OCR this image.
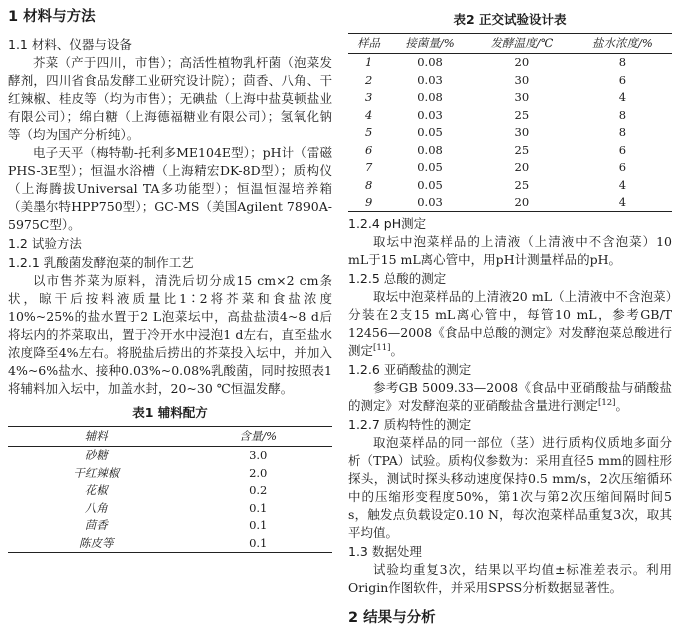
1 材料与方法
1.1 材料、仪器与设备

芥菜（产于四川，市售）；高活性植物乳杆菌（泡菜发酵剂，四川省食品发酵工业研究设计院）；茴香、八角、干红辣椒、桂皮等（均为市售）；无碘盐（上海中盐莫顿盐业有限公司）；绵白糖（上海德福糖业有限公司）；氢氧化钠等（均为国产分析纯）。

电子天平（梅特勒-托利多ME104E型）；pH计（雷磁PHS-3E型）；恒温水浴槽（上海精宏DK-8D型）；质构仪（上海腾拔Universal TA多功能型）；恒温恒湿培养箱（美墨尔特HPP750型）；GC-MS（美国Agilent 7890A-5975C型）。

1.2 试验方法
1.2.1 乳酸菌发酵泡菜的制作工艺

以市售芥菜为原料，清洗后切分成15 cm×2 cm条状，晾干后按料液质量比1∶2将芥菜和食盐浓度10%~25%的盐水置于2 L泡菜坛中，高盐盐渍4~8 d后将坛内的芥菜取出，置于冷开水中浸泡1 d左右，直至盐水浓度降至4%左右。将脱盐后捞出的芥菜投入坛中，并加入4%~6%盐水、接种0.03%~0.08%乳酸菌，同时按照表1将辅料加入坛中，加盖水封，20~30 ℃恒温发酵。

表1 辅料配方
辅料	含量/%
砂糖	3.0
干红辣椒	2.0
花椒	0.2
八角	0.1
茴香	0.1
陈皮等	0.1
表2 正交试验设计表
样品	接菌量/%	发酵温度/℃	盐水浓度/%
1	0.08	20	8
2	0.03	30	6
3	0.08	30	4
4	0.03	25	8
5	0.05	30	8
6	0.08	25	6
7	0.05	20	6
8	0.05	25	4
9	0.03	20	4
1.2.4 pH测定

取坛中泡菜样品的上清液（上清液中不含泡菜）10 mL于15 mL离心管中，用pH计测量样品的pH。

1.2.5 总酸的测定

取坛中泡菜样品的上清液20 mL（上清液中不含泡菜）分装在2支15 mL离心管中，每管10 mL，参考GB/T 12456—2008《食品中总酸的测定》对发酵泡菜总酸进行测定[11]。

1.2.6 亚硝酸盐的测定

参考GB 5009.33—2008《食品中亚硝酸盐与硝酸盐的测定》对发酵泡菜的亚硝酸盐含量进行测定[12]。

1.2.7 质构特性的测定

取泡菜样品的同一部位（茎）进行质构仪质地多面分析（TPA）试验。质构仪参数为：采用直径5 mm的圆柱形探头，测试时探头移动速度保持0.5 mm/s，2次压缩循环中的压缩形变程度50%，第1次与第2次压缩间隔时间5 s，触发点负载设定0.10 N，每次泡菜样品重复3次，取其平均值。

1.3 数据处理

试验均重复3次，结果以平均值±标准差表示。利用Origin作图软件，并采用SPSS分析数据显著性。

2 结果与分析
